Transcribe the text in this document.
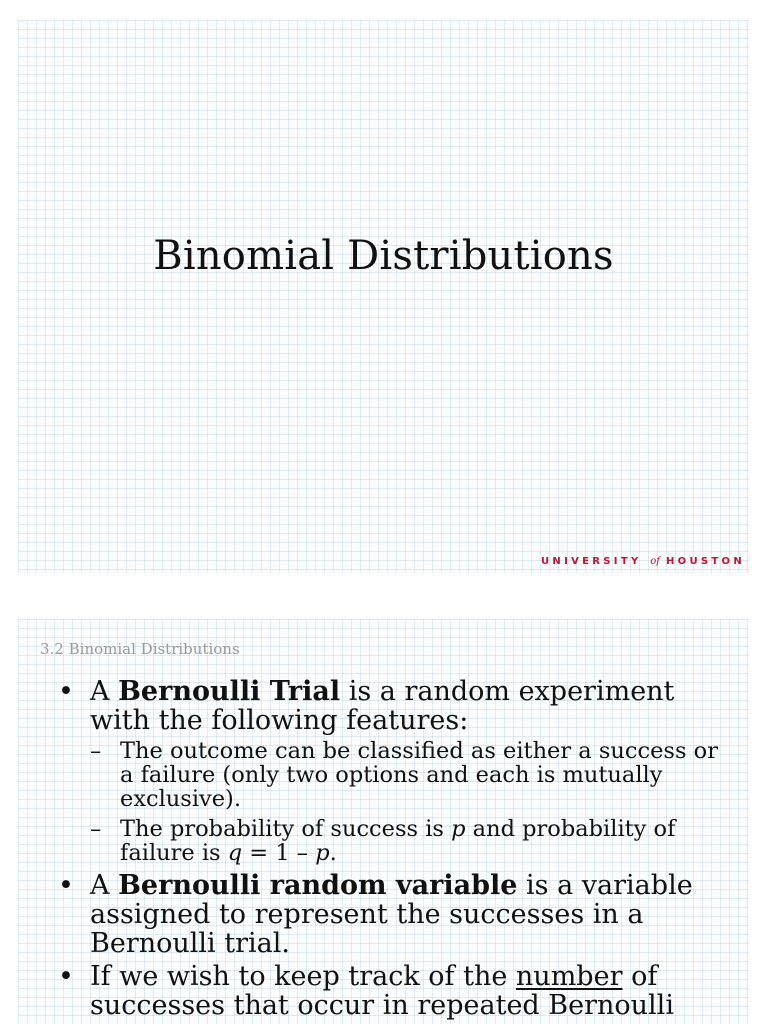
Binomial Distributions
UNIVERSITY of HOUSTON
3.2 Binomial Distributions
• A Bernoulli Trial is a random experiment with the following features:
– The outcome can be classified as either a success or a failure (only two options and each is mutually exclusive).
– The probability of success is p and probability of failure is q = 1 – p.
• A Bernoulli random variable is a variable assigned to represent the successes in a Bernoulli trial.
• If we wish to keep track of the number of successes that occur in repeated Bernoulli
